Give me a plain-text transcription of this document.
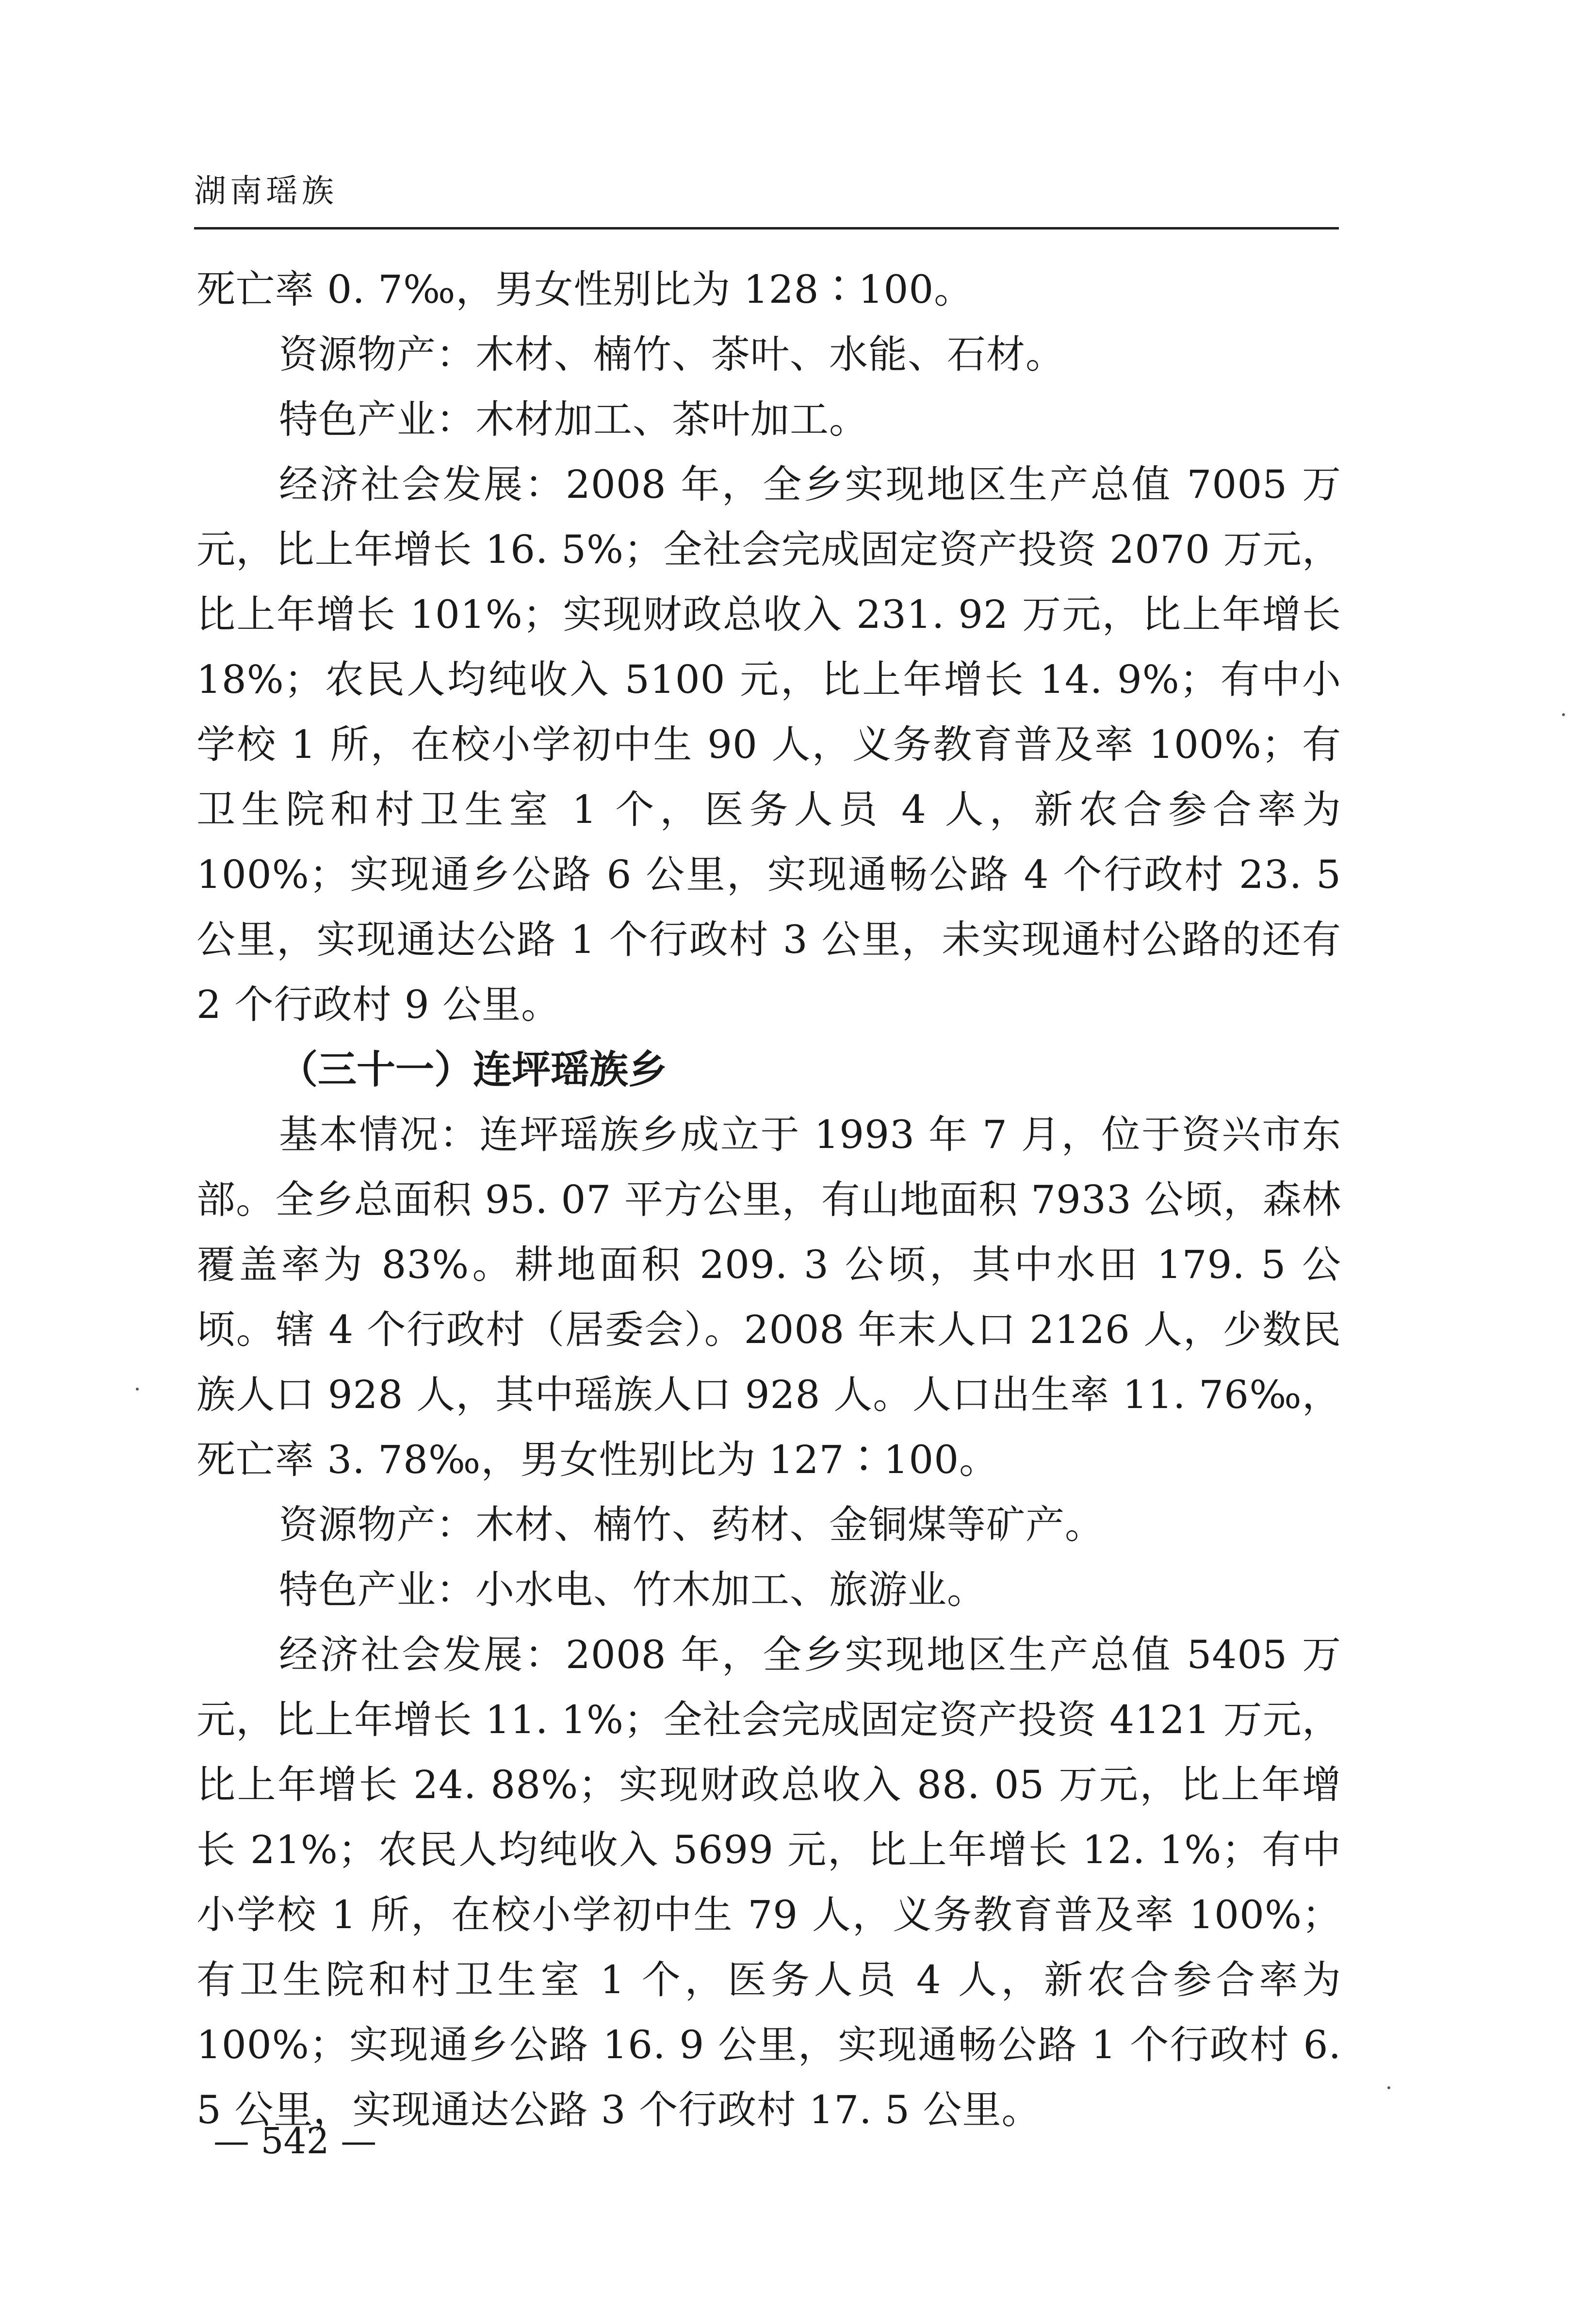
湖南瑶族

死亡率 0. 7‰，男女性别比为 128∶100。

资源物产：木材、楠竹、茶叶、水能、石材。

特色产业：木材加工、茶叶加工。

经济社会发展：2008 年，全乡实现地区生产总值 7005 万元，比上年增长 16. 5%；全社会完成固定资产投资 2070 万元，比上年增长 101%；实现财政总收入 231. 92 万元，比上年增长 18%；农民人均纯收入 5100 元，比上年增长 14. 9%；有中小学校 1 所，在校小学初中生 90 人，义务教育普及率 100%；有卫生院和村卫生室 1 个，医务人员 4 人，新农合参合率为 100%；实现通乡公路 6 公里，实现通畅公路 4 个行政村 23. 5 公里，实现通达公路 1 个行政村 3 公里，未实现通村公路的还有 2 个行政村 9 公里。

（三十一）连坪瑶族乡

基本情况：连坪瑶族乡成立于 1993 年 7 月，位于资兴市东部。全乡总面积 95. 07 平方公里，有山地面积 7933 公顷，森林覆盖率为 83%。耕地面积 209. 3 公顷，其中水田 179. 5 公顷。辖 4 个行政村（居委会）。2008 年末人口 2126 人，少数民族人口 928 人，其中瑶族人口 928 人。人口出生率 11. 76‰，死亡率 3. 78‰，男女性别比为 127∶100。

资源物产：木材、楠竹、药材、金铜煤等矿产。

特色产业：小水电、竹木加工、旅游业。

经济社会发展：2008 年，全乡实现地区生产总值 5405 万元，比上年增长 11. 1%；全社会完成固定资产投资 4121 万元，比上年增长 24. 88%；实现财政总收入 88. 05 万元，比上年增长 21%；农民人均纯收入 5699 元，比上年增长 12. 1%；有中小学校 1 所，在校小学初中生 79 人，义务教育普及率 100%；有卫生院和村卫生室 1 个，医务人员 4 人，新农合参合率为 100%；实现通乡公路 16. 9 公里，实现通畅公路 1 个行政村 6. 5 公里，实现通达公路 3 个行政村 17. 5 公里。

— 542 —
